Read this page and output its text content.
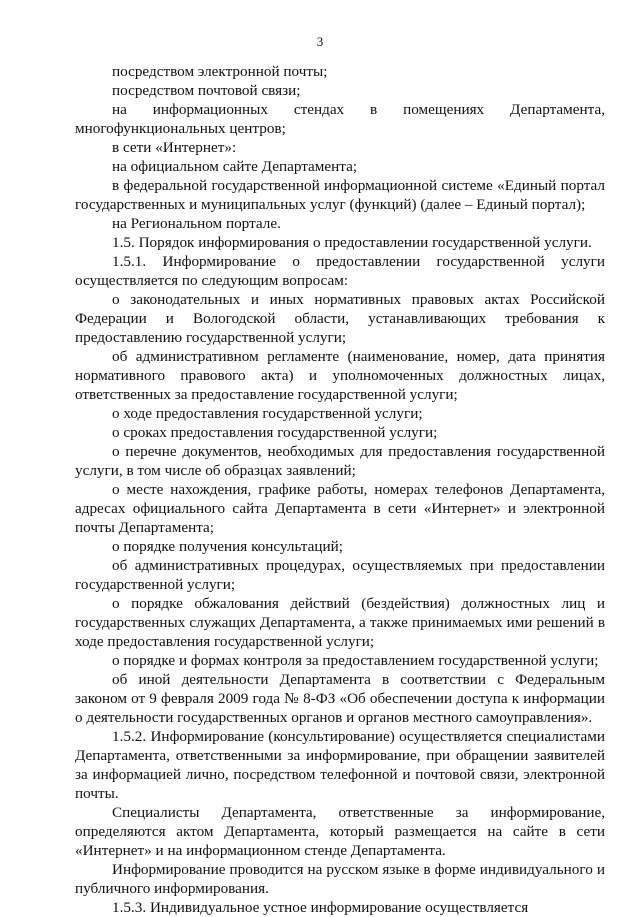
3

посредством электронной почты;

посредством почтовой связи;

на информационных стендах в помещениях Департамента, многофункциональных центров;

в сети «Интернет»:

на официальном сайте Департамента;

в федеральной государственной информационной системе «Единый портал государственных и муниципальных услуг (функций) (далее – Единый портал);

на Региональном портале.

1.5. Порядок информирования о предоставлении государственной услуги.

1.5.1. Информирование о предоставлении государственной услуги осуществляется по следующим вопросам:

о законодательных и иных нормативных правовых актах Российской Федерации и Вологодской области, устанавливающих требования к предоставлению государственной услуги;

об административном регламенте (наименование, номер, дата принятия нормативного правового акта) и уполномоченных должностных лицах, ответственных за предоставление государственной услуги;

о ходе предоставления государственной услуги;

о сроках предоставления государственной услуги;

о перечне документов, необходимых для предоставления государственной услуги, в том числе об образцах заявлений;

о месте нахождения, графике работы, номерах телефонов Департамента, адресах официального сайта Департамента в сети «Интернет» и электронной почты Департамента;

о порядке получения консультаций;

об административных процедурах, осуществляемых при предоставлении государственной услуги;

о порядке обжалования действий (бездействия) должностных лиц и государственных служащих Департамента, а также принимаемых ими решений в ходе предоставления государственной услуги;

о порядке и формах контроля за предоставлением государственной услуги;

об иной деятельности Департамента в соответствии с Федеральным законом от 9 февраля 2009 года № 8-ФЗ «Об обеспечении доступа к информации о деятельности государственных органов и органов местного самоуправления».

1.5.2. Информирование (консультирование) осуществляется специалистами Департамента, ответственными за информирование, при обращении заявителей за информацией лично, посредством телефонной и почтовой связи, электронной почты.

Специалисты Департамента, ответственные за информирование, определяются актом Департамента, который размещается на сайте в сети «Интернет» и на информационном стенде Департамента.

Информирование проводится на русском языке в форме индивидуального и публичного информирования.

1.5.3. Индивидуальное устное информирование осуществляется
